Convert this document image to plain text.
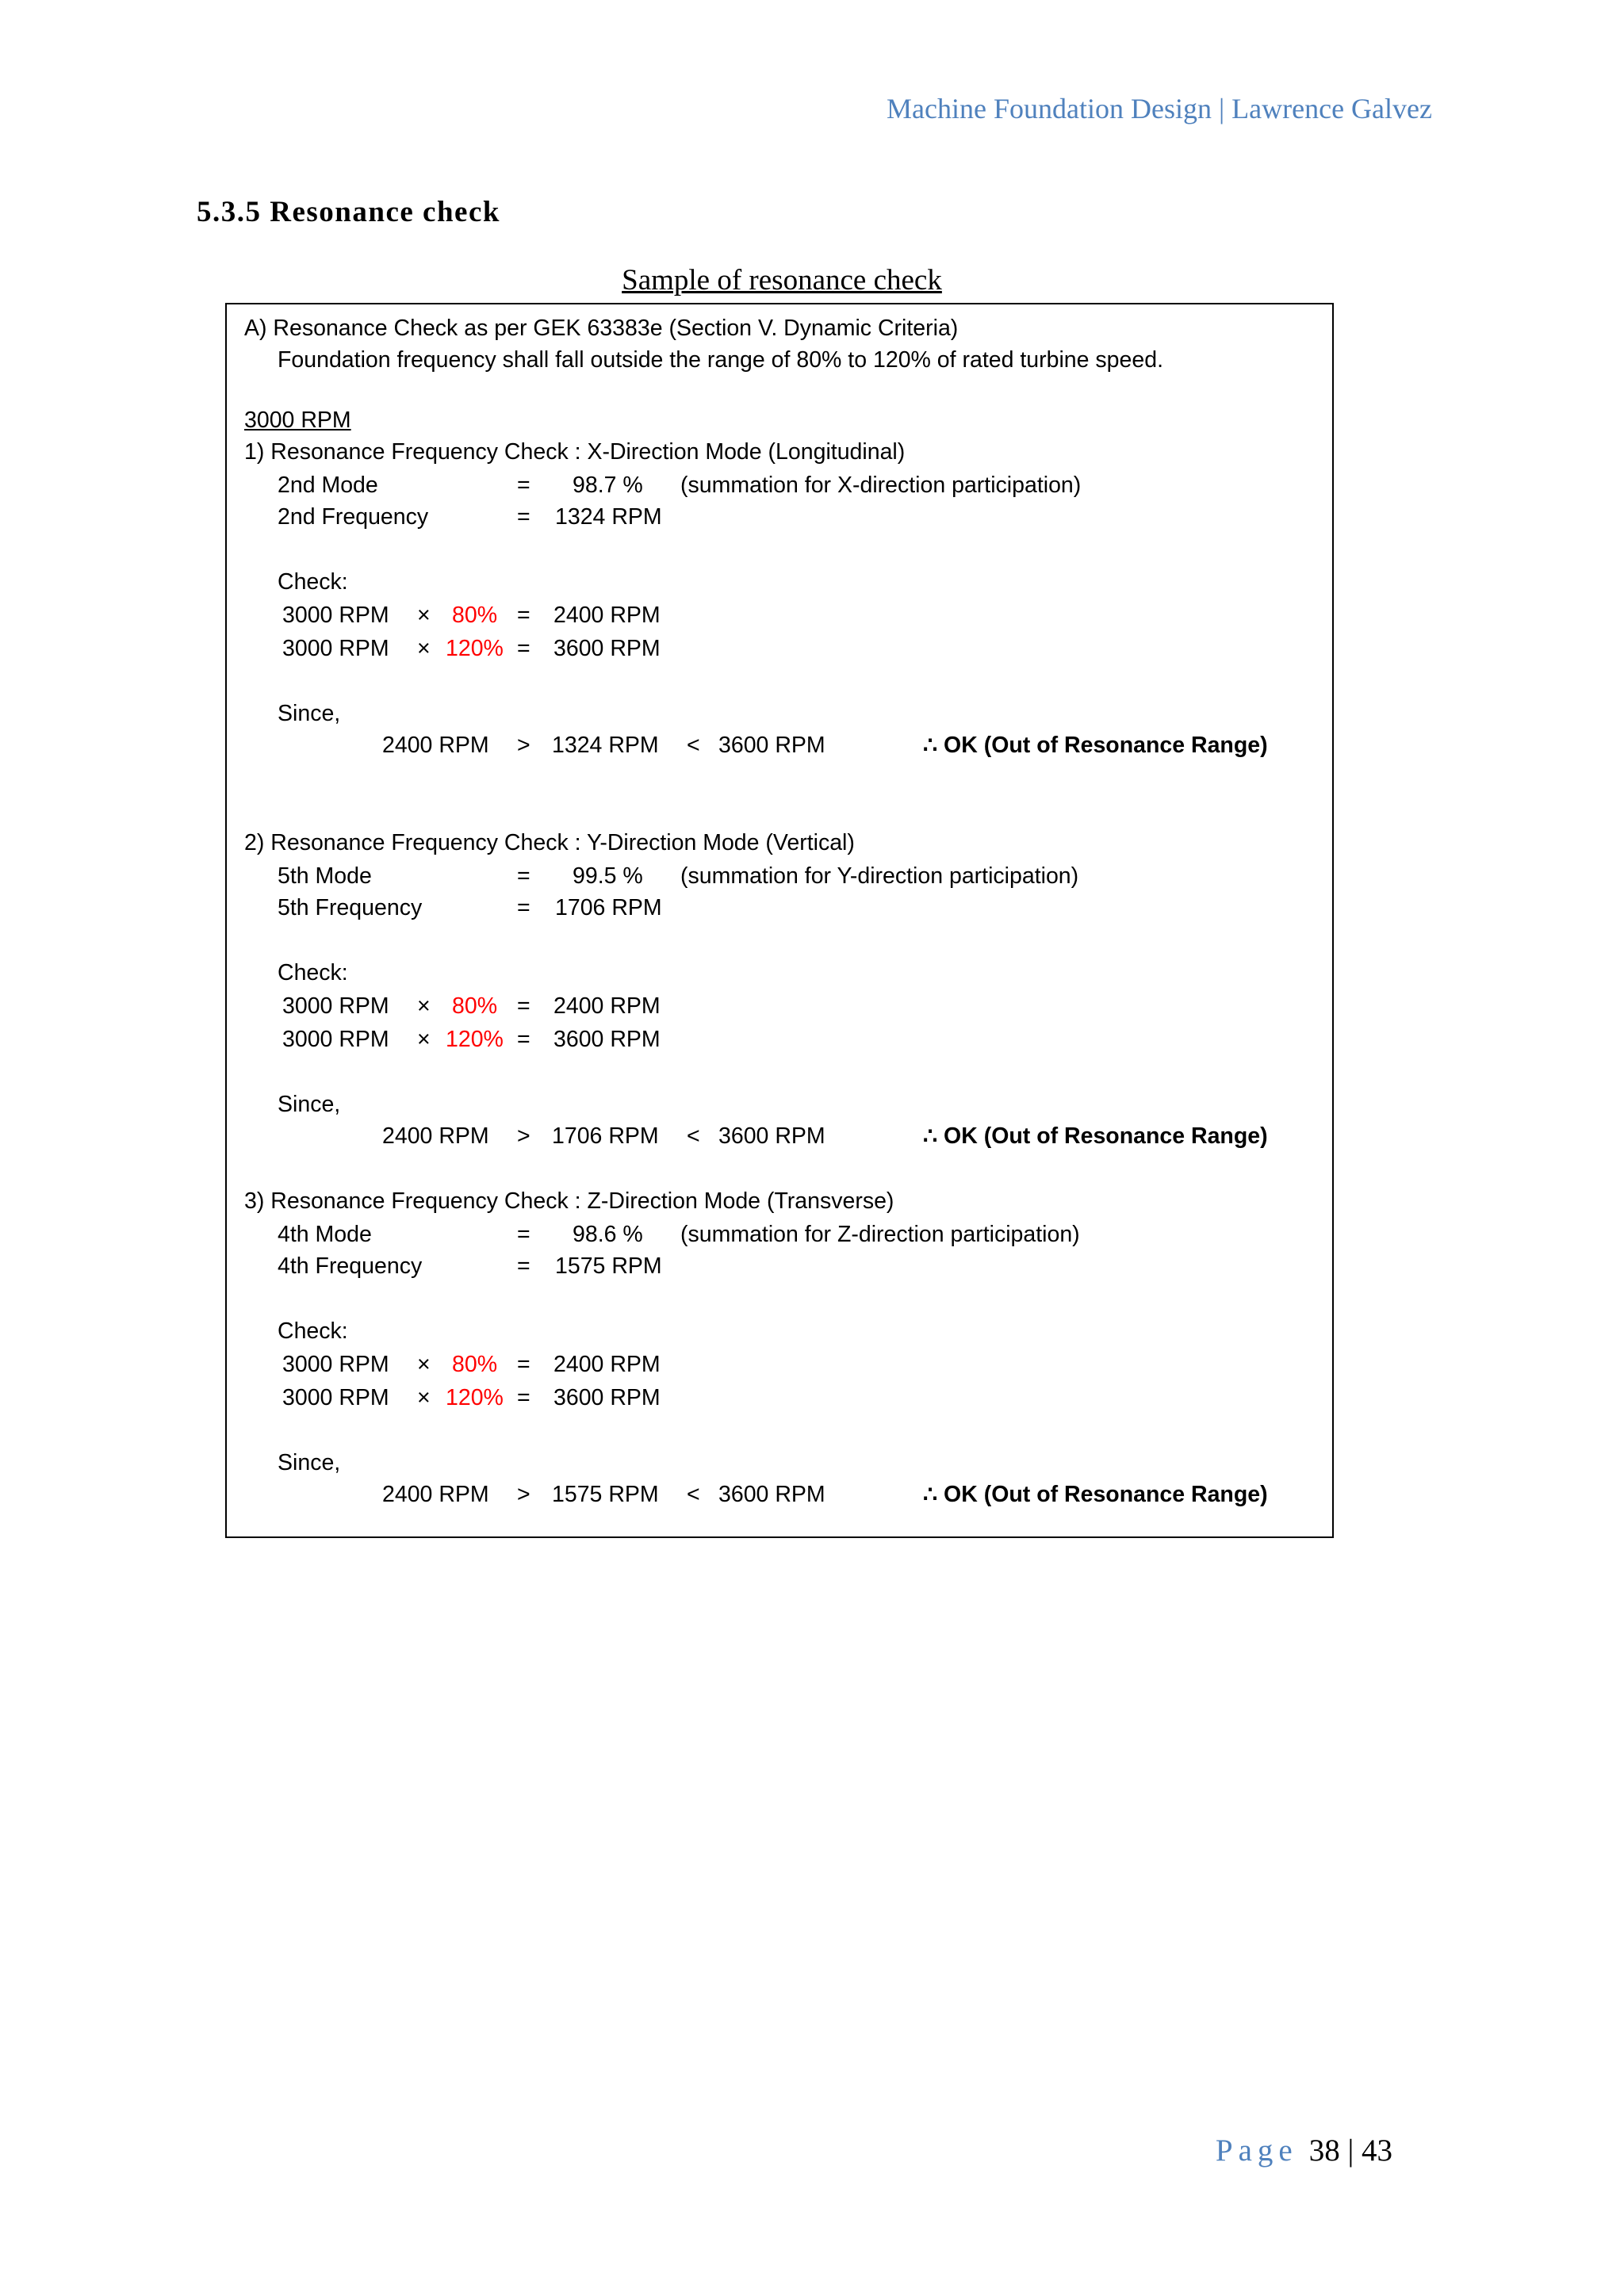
Machine Foundation Design | Lawrence Galvez
5.3.5 Resonance check
Sample of resonance check
A) Resonance Check as per GEK 63383e (Section V. Dynamic Criteria)
Foundation frequency shall fall outside the range of 80% to 120% of rated turbine speed.
3000 RPM
1) Resonance Frequency Check : X-Direction Mode (Longitudinal)
2nd Mode	= 98.7 % (summation for X-direction participation)
2nd Frequency	= 1324 RPM
Check:
3000 RPM × 80% = 2400 RPM
3000 RPM × 120% = 3600 RPM
Since,
2400 RPM > 1324 RPM < 3600 RPM	∴ OK (Out of Resonance Range)
2) Resonance Frequency Check : Y-Direction Mode (Vertical)
5th Mode	= 99.5 % (summation for Y-direction participation)
5th Frequency	= 1706 RPM
Check:
3000 RPM × 80% = 2400 RPM
3000 RPM × 120% = 3600 RPM
Since,
2400 RPM > 1706 RPM < 3600 RPM	∴ OK (Out of Resonance Range)
3) Resonance Frequency Check : Z-Direction Mode (Transverse)
4th Mode	= 98.6 % (summation for Z-direction participation)
4th Frequency	= 1575 RPM
Check:
3000 RPM × 80% = 2400 RPM
3000 RPM × 120% = 3600 RPM
Since,
2400 RPM > 1575 RPM < 3600 RPM	∴ OK (Out of Resonance Range)
Page 38 | 43
